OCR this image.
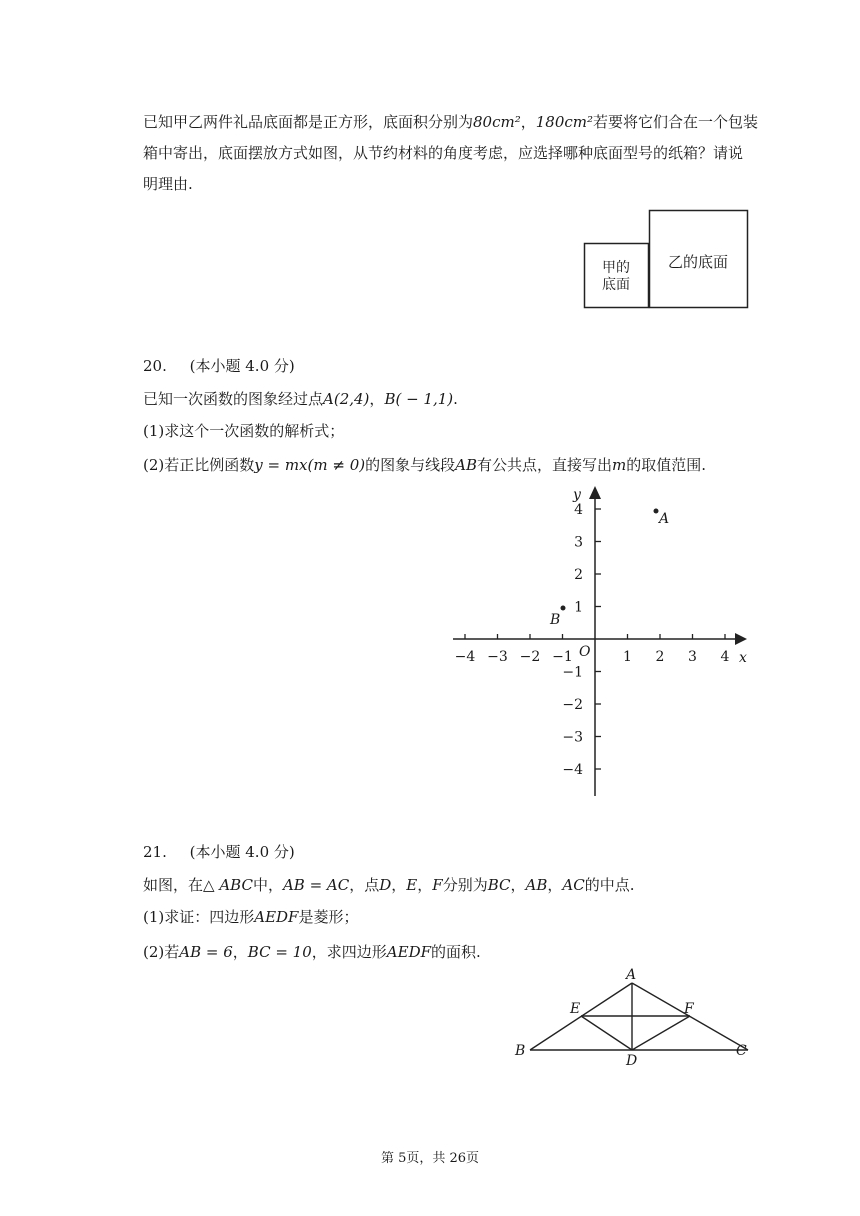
已知甲乙两件礼品底面都是正方形，底面积分别为80cm²，180cm²若要将它们合在一个包装
箱中寄出，底面摆放方式如图，从节约材料的角度考虑，应选择哪种底面型号的纸箱？请说
明理由.
甲的
底面
乙的底面
20. (本小题 4.0 分)
已知一次函数的图象经过点A(2,4)，B( − 1,1).
(1)求这个一次函数的解析式；
(2)若正比例函数y = mx(m ≠ 0)的图象与线段AB有公共点，直接写出m的取值范围.
x
y
O
−4 −3 −2 −1	1 2 3 4
4
3
2
1
−1
−2
−3
−4
A
B
21. (本小题 4.0 分)
如图，在△ ABC中，AB = AC，点D，E，F分别为BC，AB，AC的中点.
(1)求证：四边形AEDF是菱形；
(2)若AB = 6，BC = 10，求四边形AEDF的面积.
A
B	C
D
E	F
第 5页，共 26页
